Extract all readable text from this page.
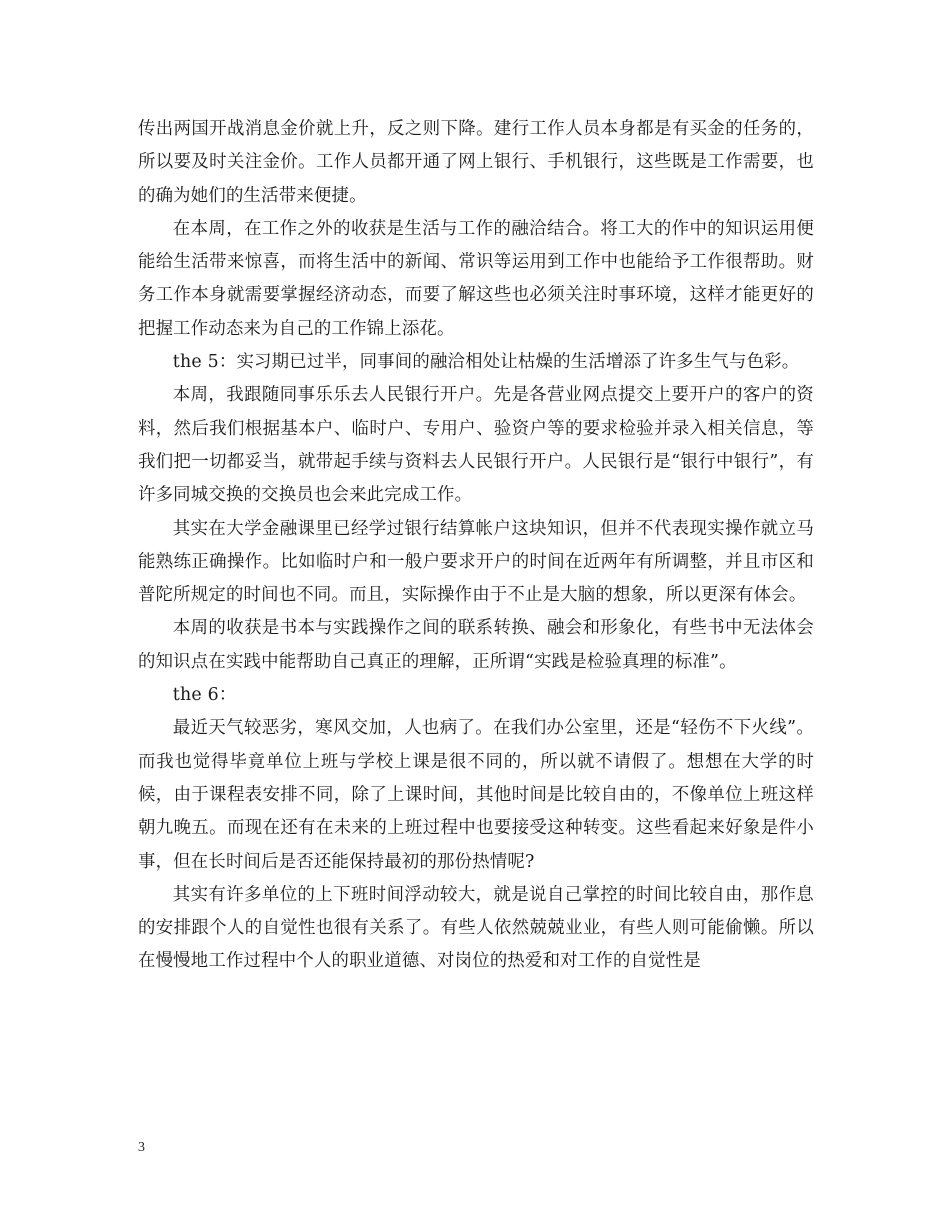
传出两国开战消息金价就上升，反之则下降。建行工作人员本身都是有买金的任务的，所以要及时关注金价。工作人员都开通了网上银行、手机银行，这些既是工作需要，也的确为她们的生活带来便捷。

在本周，在工作之外的收获是生活与工作的融洽结合。将工大的作中的知识运用便能给生活带来惊喜，而将生活中的新闻、常识等运用到工作中也能给予工作很帮助。财务工作本身就需要掌握经济动态，而要了解这些也必须关注时事环境，这样才能更好的把握工作动态来为自己的工作锦上添花。

the 5：实习期已过半，同事间的融洽相处让枯燥的生活增添了许多生气与色彩。

本周，我跟随同事乐乐去人民银行开户。先是各营业网点提交上要开户的客户的资料，然后我们根据基本户、临时户、专用户、验资户等的要求检验并录入相关信息，等我们把一切都妥当，就带起手续与资料去人民银行开户。人民银行是“银行中银行”，有许多同城交换的交换员也会来此完成工作。

其实在大学金融课里已经学过银行结算帐户这块知识，但并不代表现实操作就立马能熟练正确操作。比如临时户和一般户要求开户的时间在近两年有所调整，并且市区和普陀所规定的时间也不同。而且，实际操作由于不止是大脑的想象，所以更深有体会。

本周的收获是书本与实践操作之间的联系转换、融会和形象化，有些书中无法体会的知识点在实践中能帮助自己真正的理解，正所谓“实践是检验真理的标准”。

the 6：

最近天气较恶劣，寒风交加，人也病了。在我们办公室里，还是“轻伤不下火线”。而我也觉得毕竟单位上班与学校上课是很不同的，所以就不请假了。想想在大学的时候，由于课程表安排不同，除了上课时间，其他时间是比较自由的，不像单位上班这样朝九晚五。而现在还有在未来的上班过程中也要接受这种转变。这些看起来好象是件小事，但在长时间后是否还能保持最初的那份热情呢?

其实有许多单位的上下班时间浮动较大，就是说自己掌控的时间比较自由，那作息的安排跟个人的自觉性也很有关系了。有些人依然兢兢业业，有些人则可能偷懒。所以在慢慢地工作过程中个人的职业道德、对岗位的热爱和对工作的自觉性是

3
